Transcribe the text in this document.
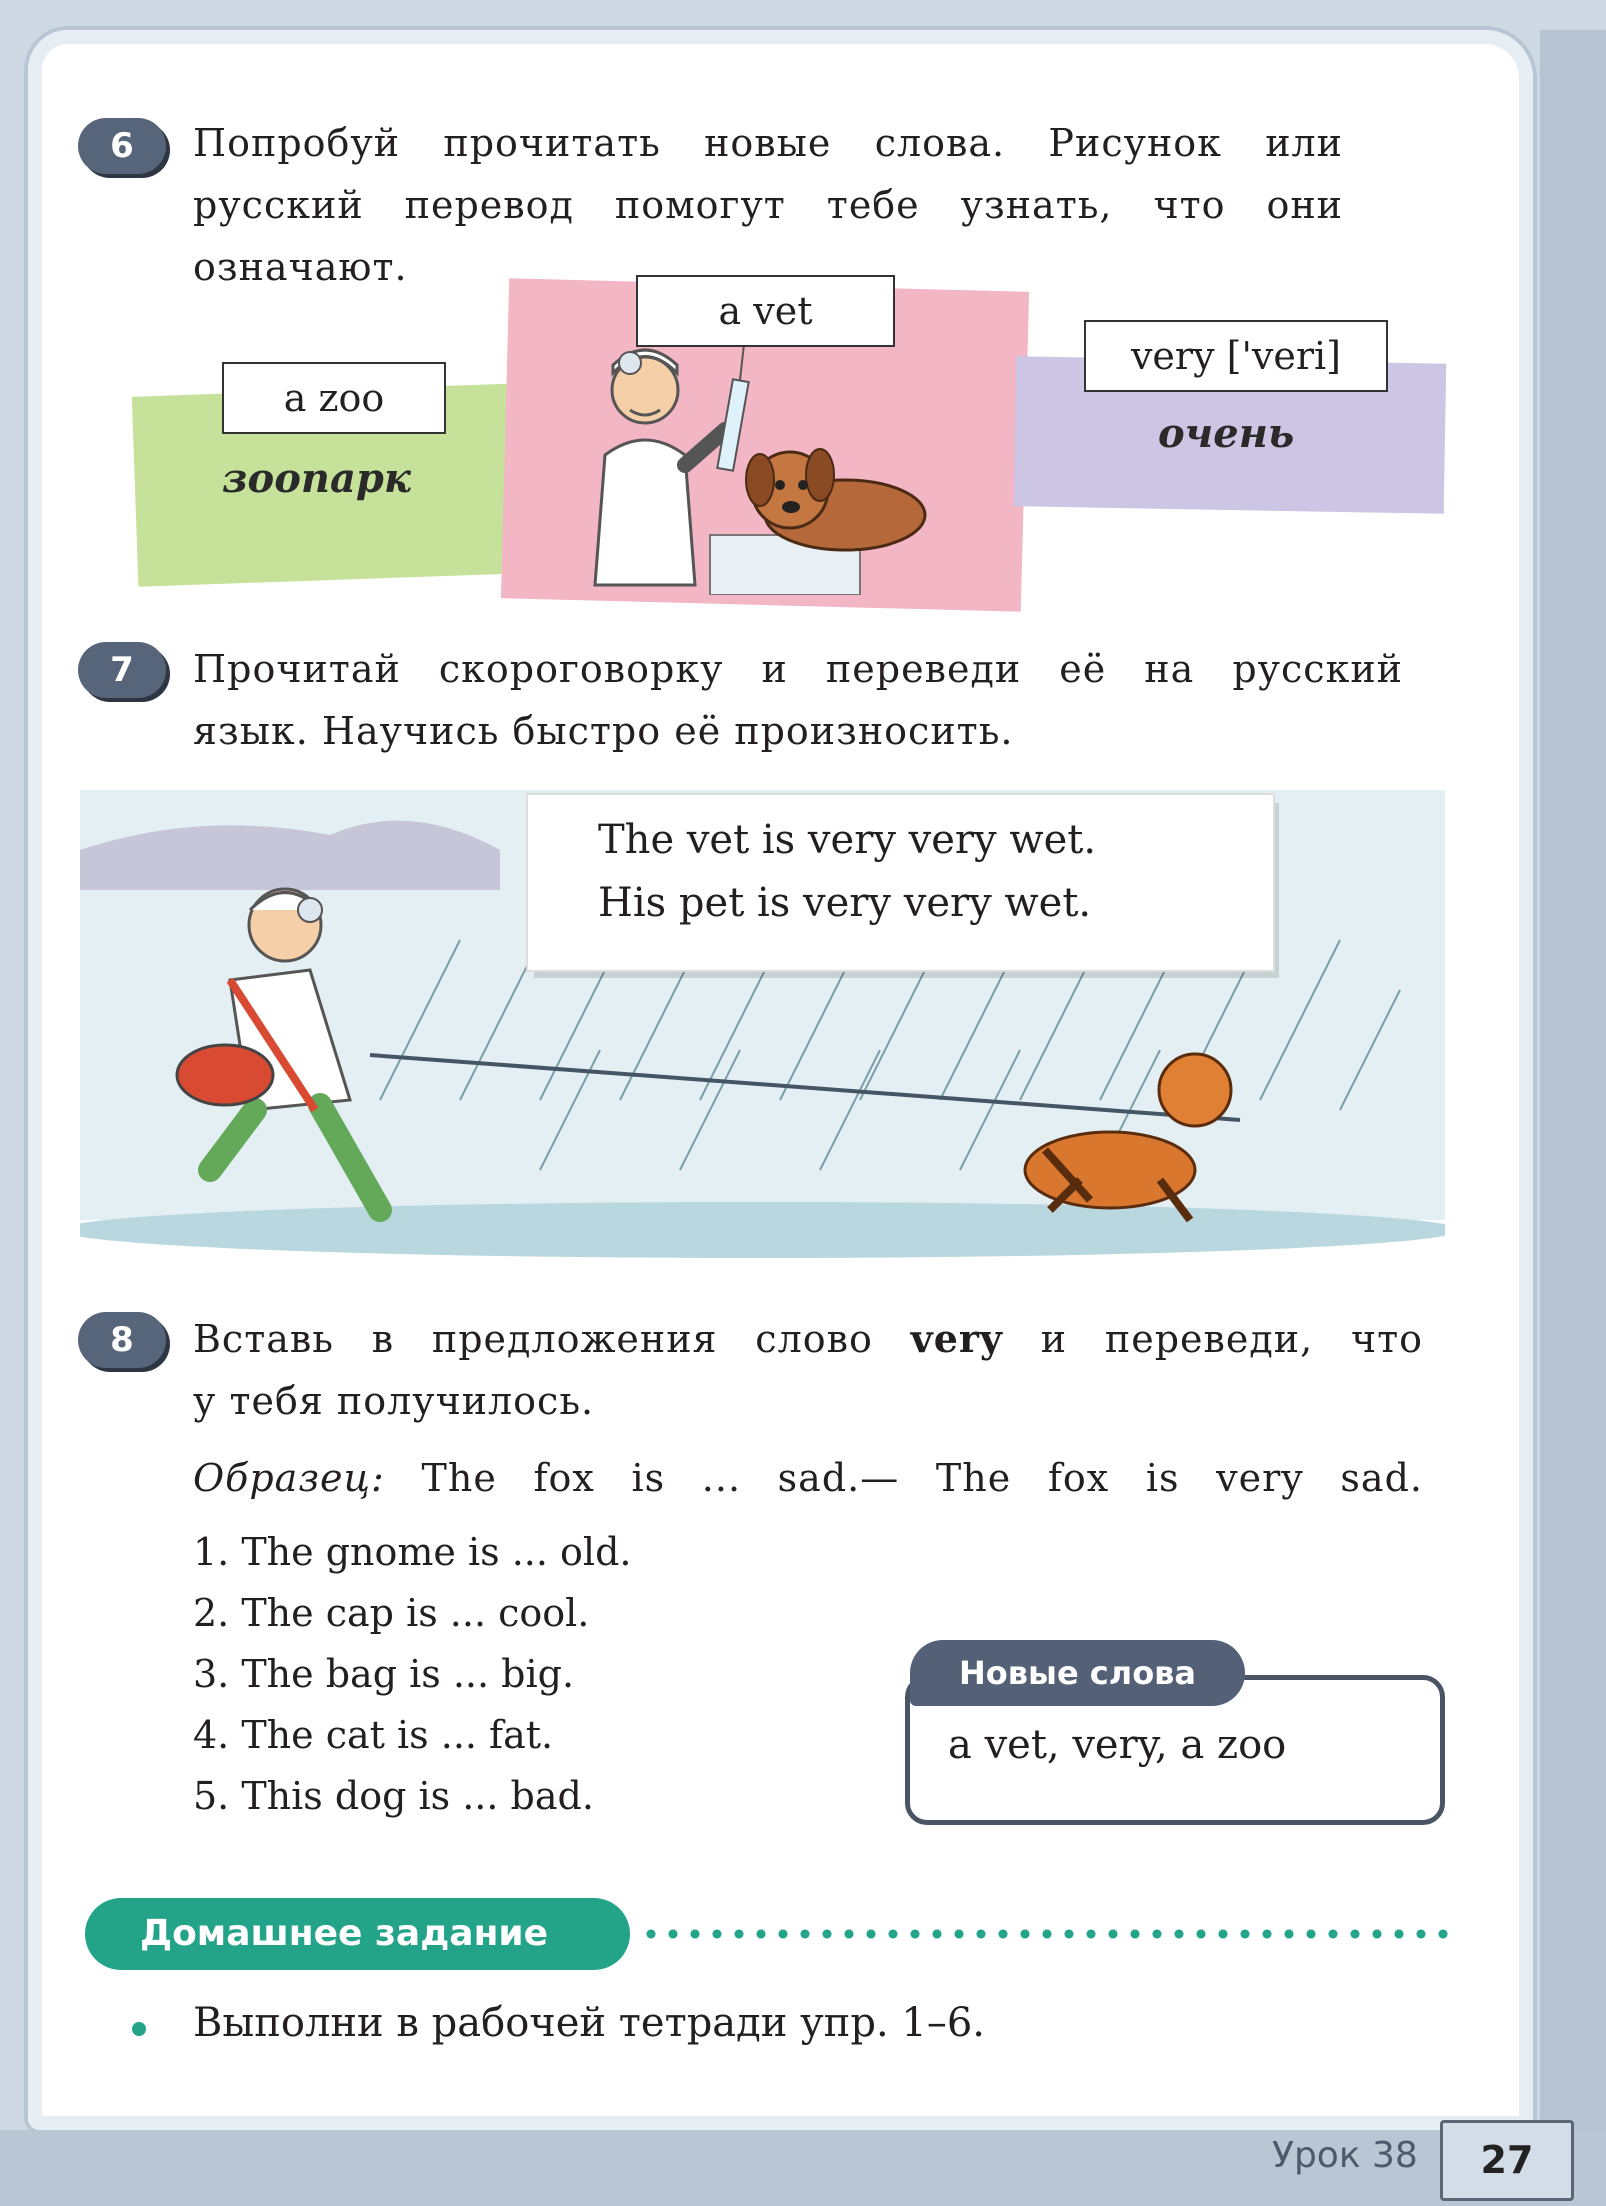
6	Попробуй прочитать новые слова. Рисунок или
русский перевод помогут тебе узнать, что они
означают.
a zoo
зоопарк
a vet
very ['veri]
очень
7	Прочитай скороговорку и переведи её на русский
язык. Научись быстро её произносить.
The vet is very very wet.
His pet is very very wet.
8	Вставь в предложения слово very и переведи, что
у тебя получилось.
Образец: The fox is ... sad.— The fox is very sad.
1. The gnome is ... old.
2. The cap is ... cool.
3. The bag is ... big.
4. The cat is ... fat.
5. This dog is ... bad.
Новые слова
a vet, very, a zoo
Домашнее задание
Выполни в рабочей тетради упр. 1–6.
Урок 38	27
